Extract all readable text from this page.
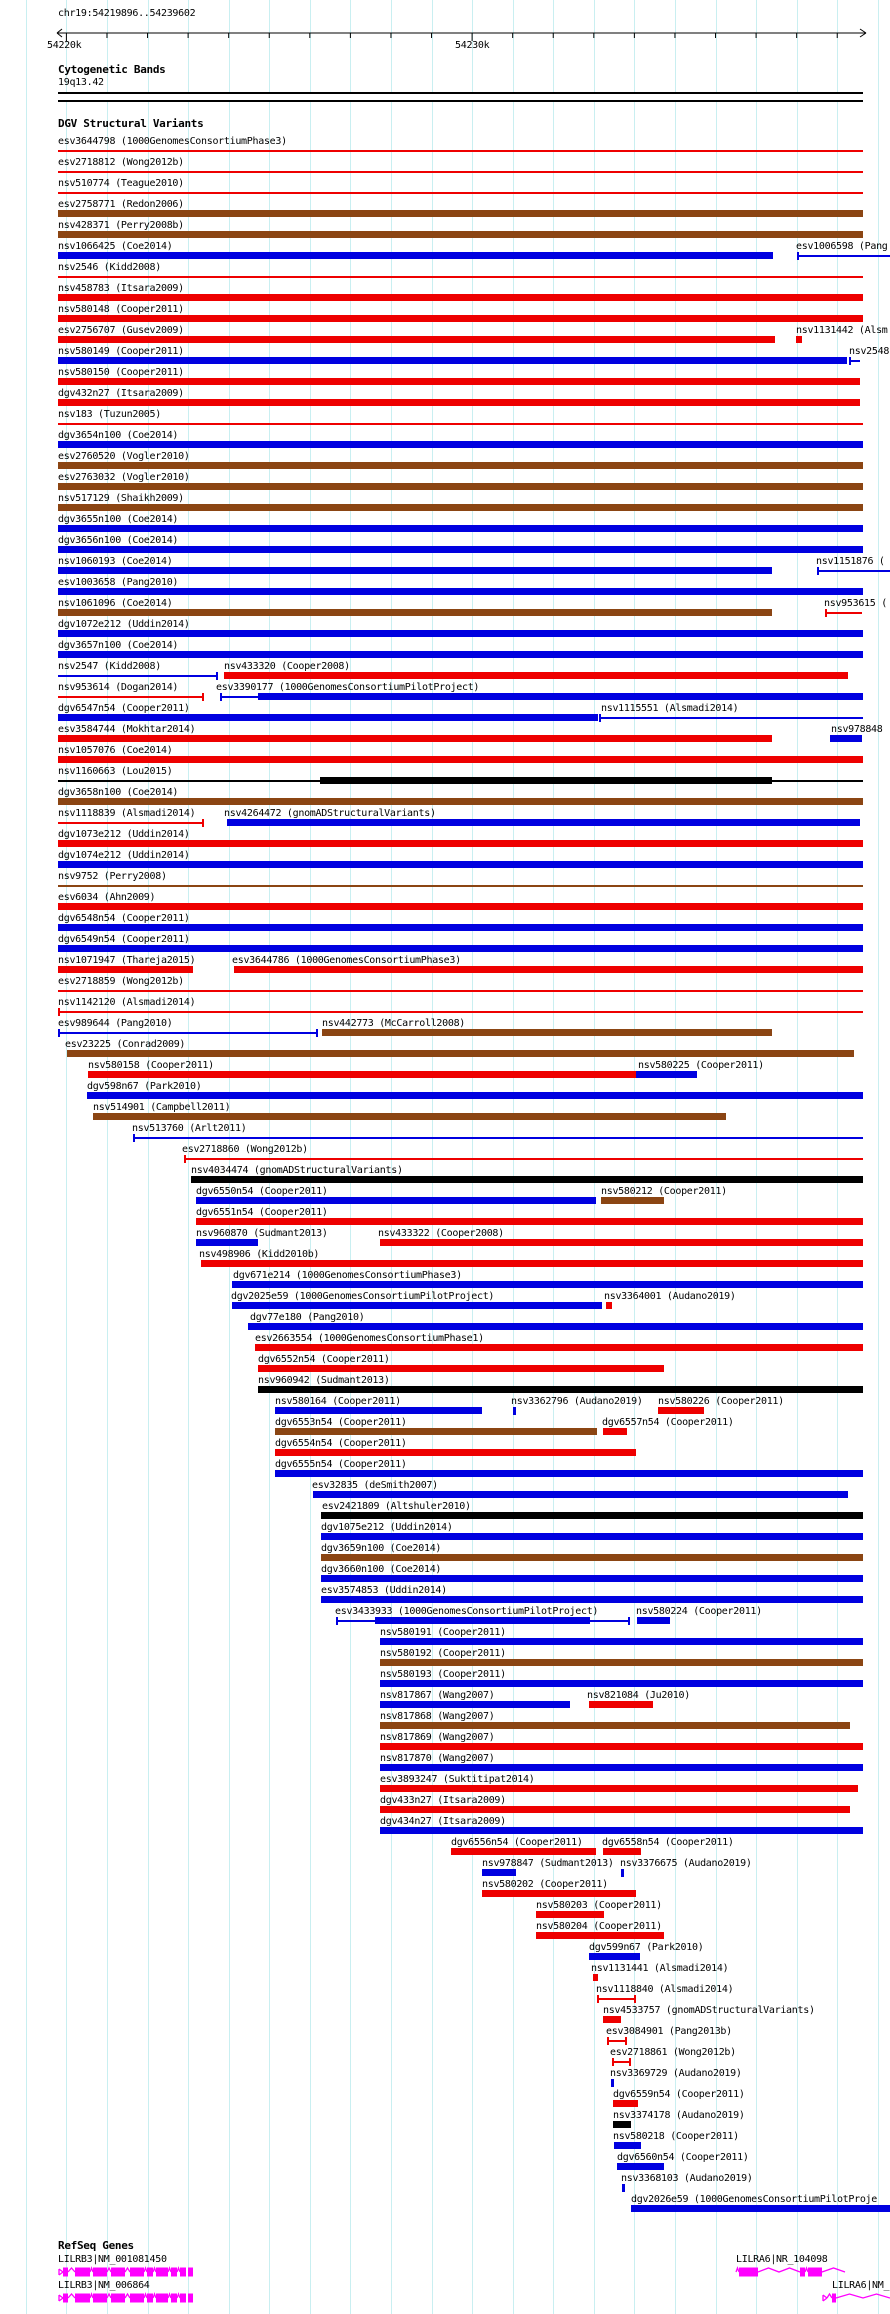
chr19:54219896..54239602
54220k	54230k
Cytogenetic Bands
19q13.42
DGV Structural Variants
esv3644798 (1000GenomesConsortiumPhase3)
esv2718812 (Wong2012b)
nsv510774 (Teague2010)
esv2758771 (Redon2006)
nsv428371 (Perry2008b)
nsv1066425 (Coe2014)	esv1006598 (Pang
nsv2546 (Kidd2008)
nsv458783 (Itsara2009)
nsv580148 (Cooper2011)
esv2756707 (Gusev2009)	nsv1131442 (Alsm
nsv580149 (Cooper2011)	nsv2548
nsv580150 (Cooper2011)
dgv432n27 (Itsara2009)
nsv183 (Tuzun2005)
dgv3654n100 (Coe2014)
esv2760520 (Vogler2010)
esv2763032 (Vogler2010)
nsv517129 (Shaikh2009)
dgv3655n100 (Coe2014)
dgv3656n100 (Coe2014)
nsv1060193 (Coe2014)	nsv1151876 (
esv1003658 (Pang2010)
nsv1061096 (Coe2014)	nsv953615 (
dgv1072e212 (Uddin2014)
dgv3657n100 (Coe2014)
nsv2547 (Kidd2008)	nsv433320 (Cooper2008)
nsv953614 (Dogan2014)	esv3390177 (1000GenomesConsortiumPilotProject)
dgv6547n54 (Cooper2011)	nsv1115551 (Alsmadi2014)
esv3584744 (Mokhtar2014)	nsv978848
nsv1057076 (Coe2014)
nsv1160663 (Lou2015)
dgv3658n100 (Coe2014)
nsv1118839 (Alsmadi2014)	nsv4264472 (gnomADStructuralVariants)
dgv1073e212 (Uddin2014)
dgv1074e212 (Uddin2014)
nsv9752 (Perry2008)
esv6034 (Ahn2009)
dgv6548n54 (Cooper2011)
dgv6549n54 (Cooper2011)
nsv1071947 (Thareja2015)	esv3644786 (1000GenomesConsortiumPhase3)
esv2718859 (Wong2012b)
nsv1142120 (Alsmadi2014)
esv989644 (Pang2010)	nsv442773 (McCarroll2008)
esv23225 (Conrad2009)
nsv580158 (Cooper2011)	nsv580225 (Cooper2011)
dgv598n67 (Park2010)
nsv514901 (Campbell2011)
nsv513760 (Arlt2011)
esv2718860 (Wong2012b)
nsv4034474 (gnomADStructuralVariants)
dgv6550n54 (Cooper2011)	nsv580212 (Cooper2011)
dgv6551n54 (Cooper2011)
nsv960870 (Sudmant2013)	nsv433322 (Cooper2008)
nsv498906 (Kidd2010b)
dgv671e214 (1000GenomesConsortiumPhase3)
dgv2025e59 (1000GenomesConsortiumPilotProject)	nsv3364001 (Audano2019)
dgv77e180 (Pang2010)
esv2663554 (1000GenomesConsortiumPhase1)
dgv6552n54 (Cooper2011)
nsv960942 (Sudmant2013)
nsv580164 (Cooper2011)	nsv3362796 (Audano2019) nsv580226 (Cooper2011)
dgv6553n54 (Cooper2011)	dgv6557n54 (Cooper2011)
dgv6554n54 (Cooper2011)
dgv6555n54 (Cooper2011)
esv32835 (deSmith2007)
esv2421809 (Altshuler2010)
dgv1075e212 (Uddin2014)
dgv3659n100 (Coe2014)
dgv3660n100 (Coe2014)
esv3574853 (Uddin2014)
esv3433933 (1000GenomesConsortiumPilotProject)	nsv580224 (Cooper2011)
nsv580191 (Cooper2011)
nsv580192 (Cooper2011)
nsv580193 (Cooper2011)
nsv817867 (Wang2007)	nsv821084 (Ju2010)
nsv817868 (Wang2007)
nsv817869 (Wang2007)
nsv817870 (Wang2007)
esv3893247 (Suktitipat2014)
dgv433n27 (Itsara2009)
dgv434n27 (Itsara2009)
dgv6556n54 (Cooper2011) dgv6558n54 (Cooper2011)
nsv978847 (Sudmant2013) nsv3376675 (Audano2019)
nsv580202 (Cooper2011)
nsv580203 (Cooper2011)
nsv580204 (Cooper2011)
dgv599n67 (Park2010)
nsv1131441 (Alsmadi2014)
nsv1118840 (Alsmadi2014)
nsv4533757 (gnomADStructuralVariants)
esv3084901 (Pang2013b)
esv2718861 (Wong2012b)
nsv3369729 (Audano2019)
dgv6559n54 (Cooper2011)
nsv3374178 (Audano2019)
nsv580218 (Cooper2011)
dgv6560n54 (Cooper2011)
nsv3368103 (Audano2019)
dgv2026e59 (1000GenomesConsortiumPilotProje
RefSeq Genes
LILRB3|NM_001081450	LILRA6|NR_104098
LILRB3|NM_006864	LILRA6|NM_
